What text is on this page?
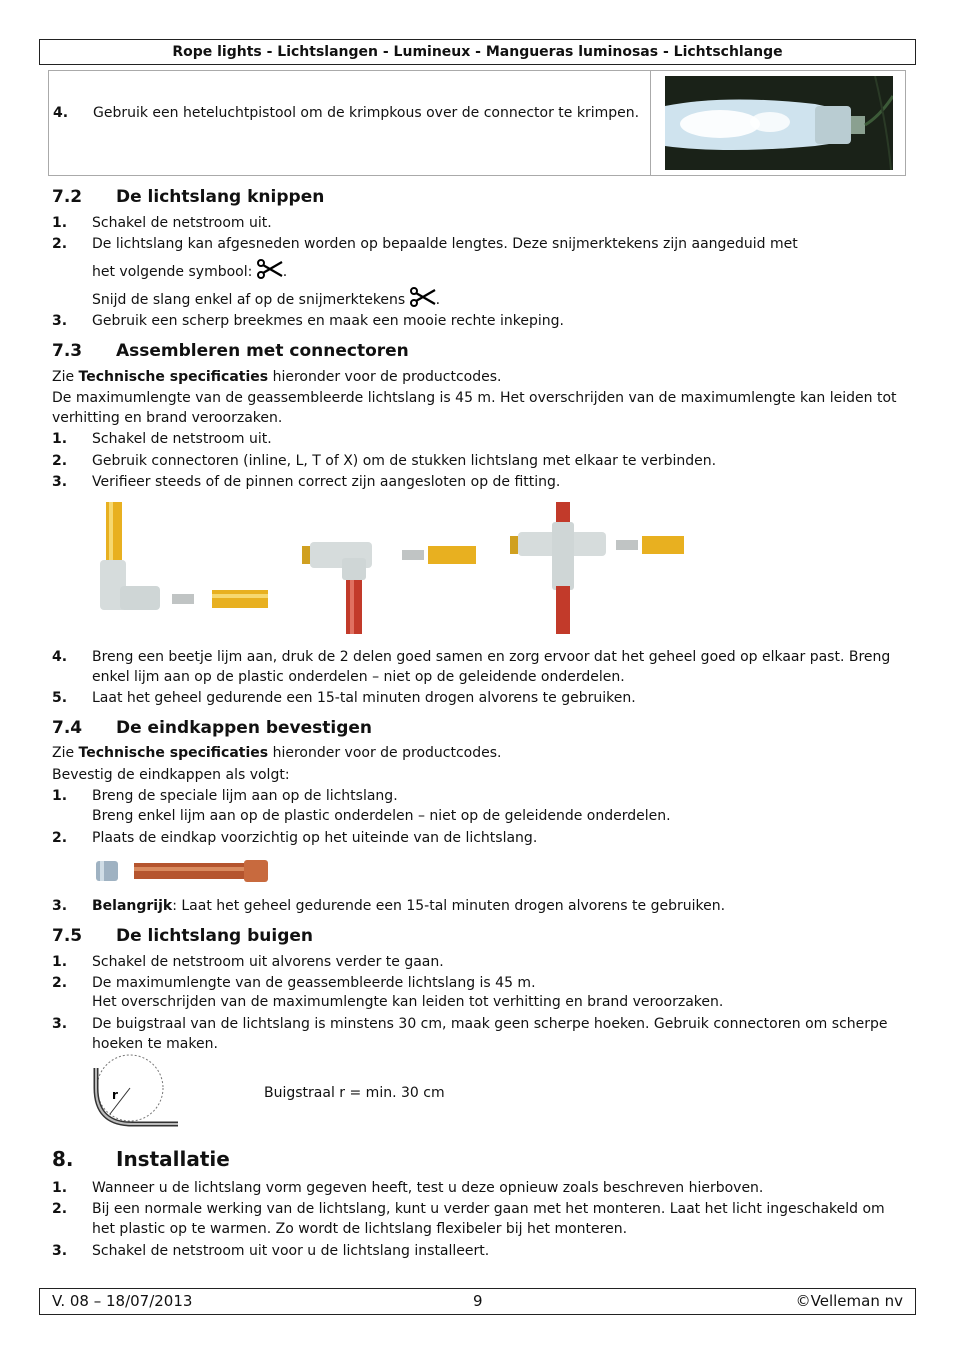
Rope lights - Lichtslangen - Lumineux - Mangueras luminosas - Lichtschlange
4. Gebruik een heteluchtpistool om de krimpkous over de connector te krimpen.
7.2 De lichtslang knippen
1. Schakel de netstroom uit.
2. De lichtslang kan afgesneden worden op bepaalde lengtes. Deze snijmerktekens zijn aangeduid met
het volgende symbool: .
Snijd de slang enkel af op de snijmerktekens .
3. Gebruik een scherp breekmes en maak een mooie rechte inkeping.
7.3 Assembleren met connectoren
Zie Technische specificaties hieronder voor de productcodes.
De maximumlengte van de geassembleerde lichtslang is 45 m. Het overschrijden van de maximumlengte kan leiden tot verhitting en brand veroorzaken.
1. Schakel de netstroom uit.
2. Gebruik connectoren (inline, L, T of X) om de stukken lichtslang met elkaar te verbinden.
3. Verifieer steeds of de pinnen correct zijn aangesloten op de fitting.
4. Breng een beetje lijm aan, druk de 2 delen goed samen en zorg ervoor dat het geheel goed op elkaar past. Breng enkel lijm aan op de plastic onderdelen – niet op de geleidende onderdelen.
5. Laat het geheel gedurende een 15-tal minuten drogen alvorens te gebruiken.
7.4 De eindkappen bevestigen
Zie Technische specificaties hieronder voor de productcodes.
Bevestig de eindkappen als volgt:
1. Breng de speciale lijm aan op de lichtslang.
Breng enkel lijm aan op de plastic onderdelen – niet op de geleidende onderdelen.
2. Plaats de eindkap voorzichtig op het uiteinde van de lichtslang.
3. Belangrijk: Laat het geheel gedurende een 15-tal minuten drogen alvorens te gebruiken.
7.5 De lichtslang buigen
1. Schakel de netstroom uit alvorens verder te gaan.
2. De maximumlengte van de geassembleerde lichtslang is 45 m.
Het overschrijden van de maximumlengte kan leiden tot verhitting en brand veroorzaken.
3. De buigstraal van de lichtslang is minstens 30 cm, maak geen scherpe hoeken. Gebruik connectoren om scherpe hoeken te maken.
r	Buigstraal r = min. 30 cm
8. Installatie
1. Wanneer u de lichtslang vorm gegeven heeft, test u deze opnieuw zoals beschreven hierboven.
2. Bij een normale werking van de lichtslang, kunt u verder gaan met het monteren. Laat het licht ingeschakeld om het plastic op te warmen. Zo wordt de lichtslang flexibeler bij het monteren.
3. Schakel de netstroom uit voor u de lichtslang installeert.
V. 08 – 18/07/2013	9	©Velleman nv
